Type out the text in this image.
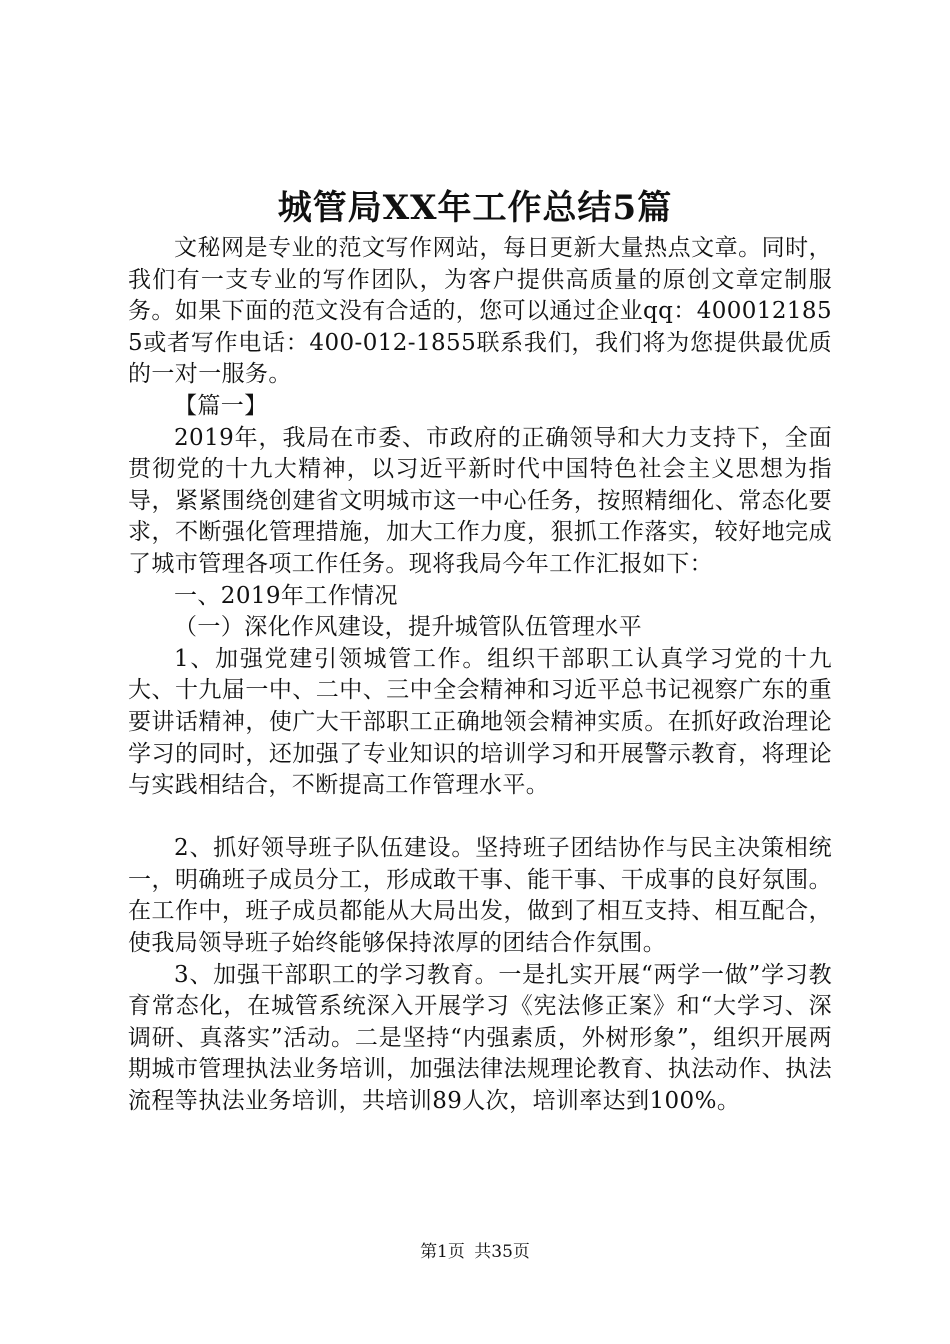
城管局XX年工作总结5篇

文秘网是专业的范文写作网站，每日更新大量热点文章。同时，我们有一支专业的写作团队，为客户提供高质量的原创文章定制服务。如果下面的范文没有合适的，您可以通过企业qq：4000121855或者写作电话：400-012-1855联系我们，我们将为您提供最优质的一对一服务。

【篇一】

2019年，我局在市委、市政府的正确领导和大力支持下，全面贯彻党的十九大精神，以习近平新时代中国特色社会主义思想为指导，紧紧围绕创建省文明城市这一中心任务，按照精细化、常态化要求，不断强化管理措施，加大工作力度，狠抓工作落实，较好地完成了城市管理各项工作任务。现将我局今年工作汇报如下：

一、2019年工作情况

（一）深化作风建设，提升城管队伍管理水平

1、加强党建引领城管工作。组织干部职工认真学习党的十九大、十九届一中、二中、三中全会精神和习近平总书记视察广东的重要讲话精神，使广大干部职工正确地领会精神实质。在抓好政治理论学习的同时，还加强了专业知识的培训学习和开展警示教育，将理论与实践相结合，不断提高工作管理水平。

2、抓好领导班子队伍建设。坚持班子团结协作与民主决策相统一，明确班子成员分工，形成敢干事、能干事、干成事的良好氛围。在工作中，班子成员都能从大局出发，做到了相互支持、相互配合，使我局领导班子始终能够保持浓厚的团结合作氛围。

3、加强干部职工的学习教育。一是扎实开展“两学一做”学习教育常态化，在城管系统深入开展学习《宪法修正案》和“大学习、深调研、真落实”活动。二是坚持“内强素质，外树形象”，组织开展两期城市管理执法业务培训，加强法律法规理论教育、执法动作、执法流程等执法业务培训，共培训89人次，培训率达到100%。

第1页 共35页
